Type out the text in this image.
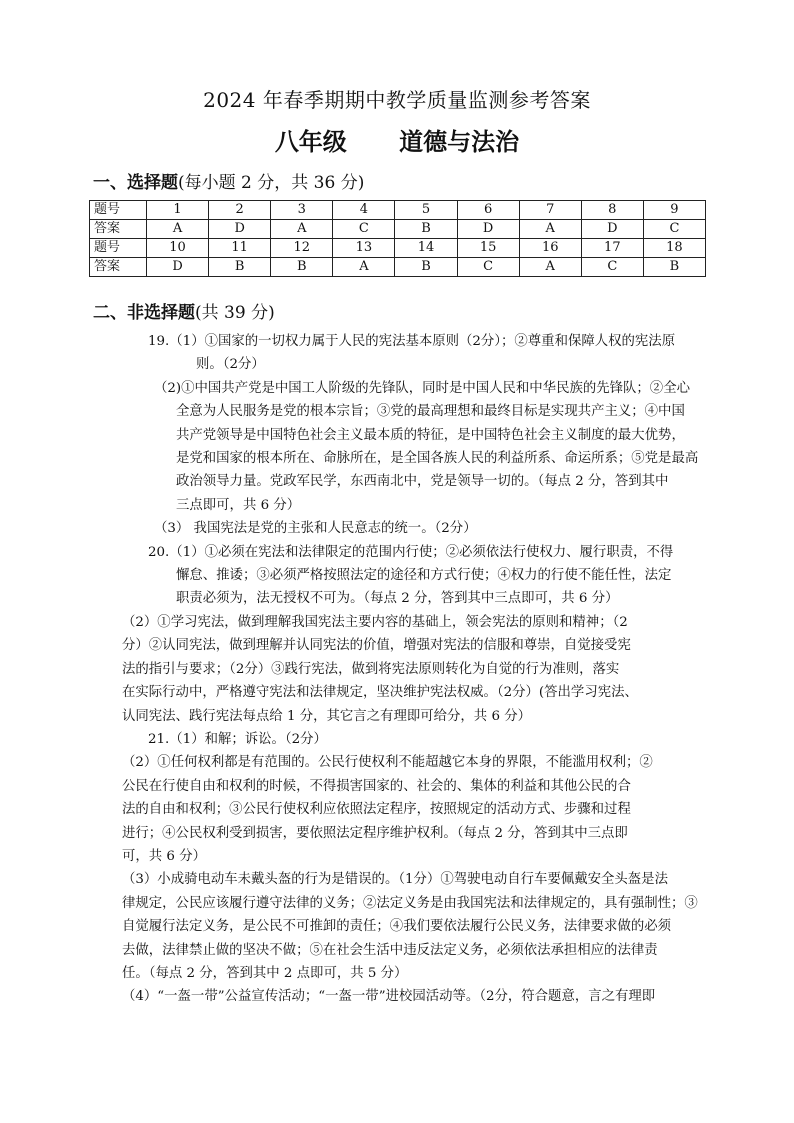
2024 年春季期期中教学质量监测参考答案
八年级 道德与法治
一、选择题(每小题 2 分，共 36 分)
题号	1	2	3	4	5	6	7	8	9
答案	A	D	A	C	B	D	A	D	C
题号	10	11	12	13	14	15	16	17	18
答案	D	B	B	A	B	C	A	C	B
二、非选择题(共 39 分)
19.（1）①国家的一切权力属于人民的宪法基本原则（2分）；②尊重和保障人权的宪法原
则。（2分）
（2)①中国共产党是中国工人阶级的先锋队，同时是中国人民和中华民族的先锋队；②全心
全意为人民服务是党的根本宗旨；③党的最高理想和最终目标是实现共产主义；④中国
共产党领导是中国特色社会主义最本质的特征，是中国特色社会主义制度的最大优势，
是党和国家的根本所在、命脉所在，是全国各族人民的利益所系、命运所系；⑤党是最高
政治领导力量。党政军民学，东西南北中，党是领导一切的。（每点 2 分，答到其中
三点即可，共 6 分）
（3） 我国宪法是党的主张和人民意志的统一。（2分）
20.（1）①必须在宪法和法律限定的范围内行使；②必须依法行使权力、履行职责，不得
懈怠、推诿；③必须严格按照法定的途径和方式行使；④权力的行使不能任性，法定
职责必须为，法无授权不可为。（每点 2 分，答到其中三点即可，共 6 分）
（2）①学习宪法，做到理解我国宪法主要内容的基础上，领会宪法的原则和精神；（2
分）②认同宪法，做到理解并认同宪法的价值，增强对宪法的信服和尊崇，自觉接受宪
法的指引与要求；（2分）③践行宪法，做到将宪法原则转化为自觉的行为准则，落实
在实际行动中，严格遵守宪法和法律规定，坚决维护宪法权威。（2分）(答出学习宪法、
认同宪法、践行宪法每点给 1 分，其它言之有理即可给分，共 6 分）
21.（1）和解；诉讼。（2分）
（2）①任何权利都是有范围的。公民行使权利不能超越它本身的界限，不能滥用权利；②
公民在行使自由和权利的时候，不得损害国家的、社会的、集体的利益和其他公民的合
法的自由和权利；③公民行使权利应依照法定程序，按照规定的活动方式、步骤和过程
进行；④公民权利受到损害，要依照法定程序维护权利。（每点 2 分，答到其中三点即
可，共 6 分）
（3）小成骑电动车未戴头盔的行为是错误的。（1分）①驾驶电动自行车要佩戴安全头盔是法
律规定，公民应该履行遵守法律的义务；②法定义务是由我国宪法和法律规定的，具有强制性；③
自觉履行法定义务，是公民不可推卸的责任；④我们要依法履行公民义务，法律要求做的必须
去做，法律禁止做的坚决不做；⑤在社会生活中违反法定义务，必须依法承担相应的法律责
任。（每点 2 分，答到其中 2 点即可，共 5 分）
（4）“一盔一带”公益宣传活动；“一盔一带”进校园活动等。（2分，符合题意，言之有理即
